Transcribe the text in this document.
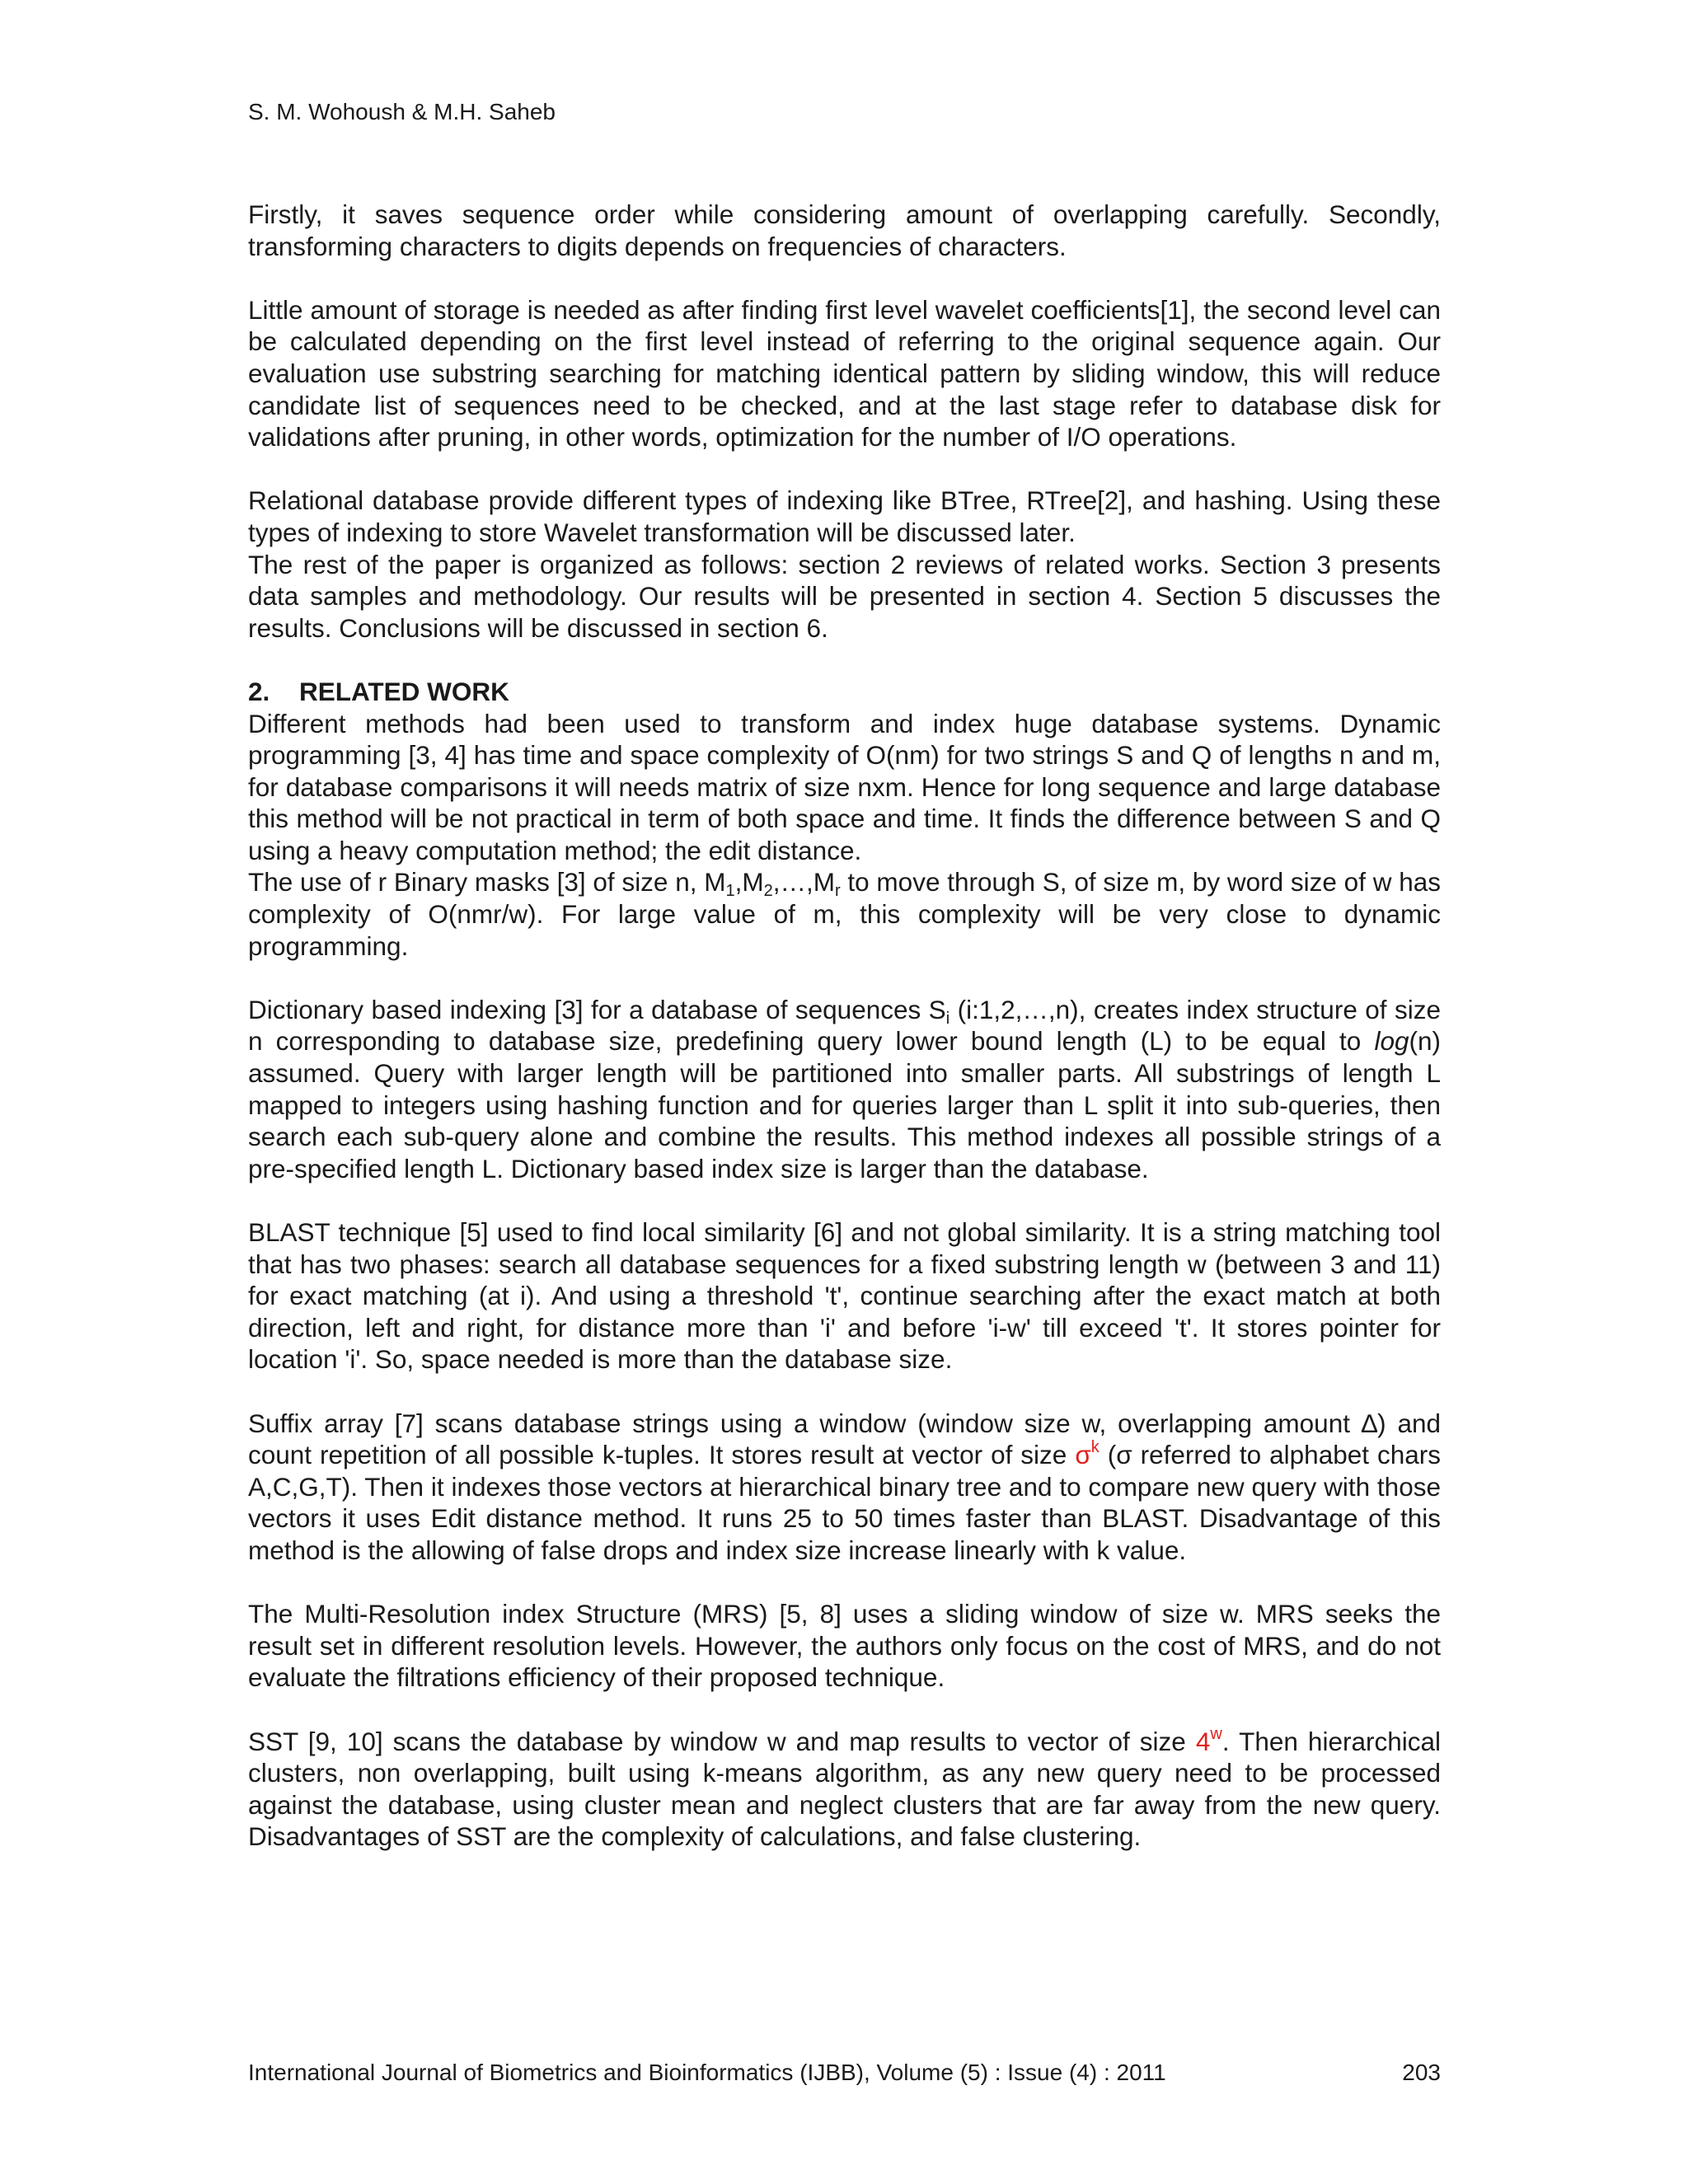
S. M. Wohoush & M.H. Saheb

Firstly, it saves sequence order while considering amount of overlapping carefully. Secondly, transforming characters to digits depends on frequencies of characters.

Little amount of storage is needed as after finding first level wavelet coefficients[1], the second level can be calculated depending on the first level instead of referring to the original sequence again. Our evaluation use substring searching for matching identical pattern by sliding window, this will reduce candidate list of sequences need to be checked, and at the last stage refer to database disk for validations after pruning, in other words, optimization for the number of I/O operations.

Relational database provide different types of indexing like BTree, RTree[2], and hashing. Using these types of indexing to store Wavelet transformation will be discussed later.

The rest of the paper is organized as follows: section 2 reviews of related works. Section 3 presents data samples and methodology. Our results will be presented in section 4. Section 5 discusses the results. Conclusions will be discussed in section 6.

2. RELATED WORK

Different methods had been used to transform and index huge database systems. Dynamic programming [3, 4] has time and space complexity of O(nm) for two strings S and Q of lengths n and m, for database comparisons it will needs matrix of size nxm. Hence for long sequence and large database this method will be not practical in term of both space and time. It finds the difference between S and Q using a heavy computation method; the edit distance.

The use of r Binary masks [3] of size n, $M_1,M_2,\dots,M_r$ to move through S, of size m, by word size of w has complexity of O(nmr/w). For large value of m, this complexity will be very close to dynamic programming.

Dictionary based indexing [3] for a database of sequences $S_i$ (i:1,2,…,n), creates index structure of size n corresponding to database size, predefining query lower bound length (L) to be equal to log(n) assumed. Query with larger length will be partitioned into smaller parts. All substrings of length L mapped to integers using hashing function and for queries larger than L split it into sub-queries, then search each sub-query alone and combine the results. This method indexes all possible strings of a pre-specified length L. Dictionary based index size is larger than the database.

BLAST technique [5] used to find local similarity [6] and not global similarity. It is a string matching tool that has two phases: search all database sequences for a fixed substring length w (between 3 and 11) for exact matching (at i). And using a threshold 't', continue searching after the exact match at both direction, left and right, for distance more than 'i' and before 'i-w' till exceed 't'. It stores pointer for location 'i'. So, space needed is more than the database size.

Suffix array [7] scans database strings using a window (window size w, overlapping amount ∆) and count repetition of all possible k-tuples. It stores result at vector of size $\sigma^k$ (σ referred to alphabet chars A,C,G,T). Then it indexes those vectors at hierarchical binary tree and to compare new query with those vectors it uses Edit distance method. It runs 25 to 50 times faster than BLAST. Disadvantage of this method is the allowing of false drops and index size increase linearly with k value.

The Multi-Resolution index Structure (MRS) [5, 8] uses a sliding window of size w. MRS seeks the result set in different resolution levels. However, the authors only focus on the cost of MRS, and do not evaluate the filtrations efficiency of their proposed technique.

SST [9, 10] scans the database by window w and map results to vector of size 4$^w$. Then hierarchical clusters, non overlapping, built using k-means algorithm, as any new query need to be processed against the database, using cluster mean and neglect clusters that are far away from the new query. Disadvantages of SST are the complexity of calculations, and false clustering.

International Journal of Biometrics and Bioinformatics (IJBB), Volume (5) : Issue (4) : 2011	203
